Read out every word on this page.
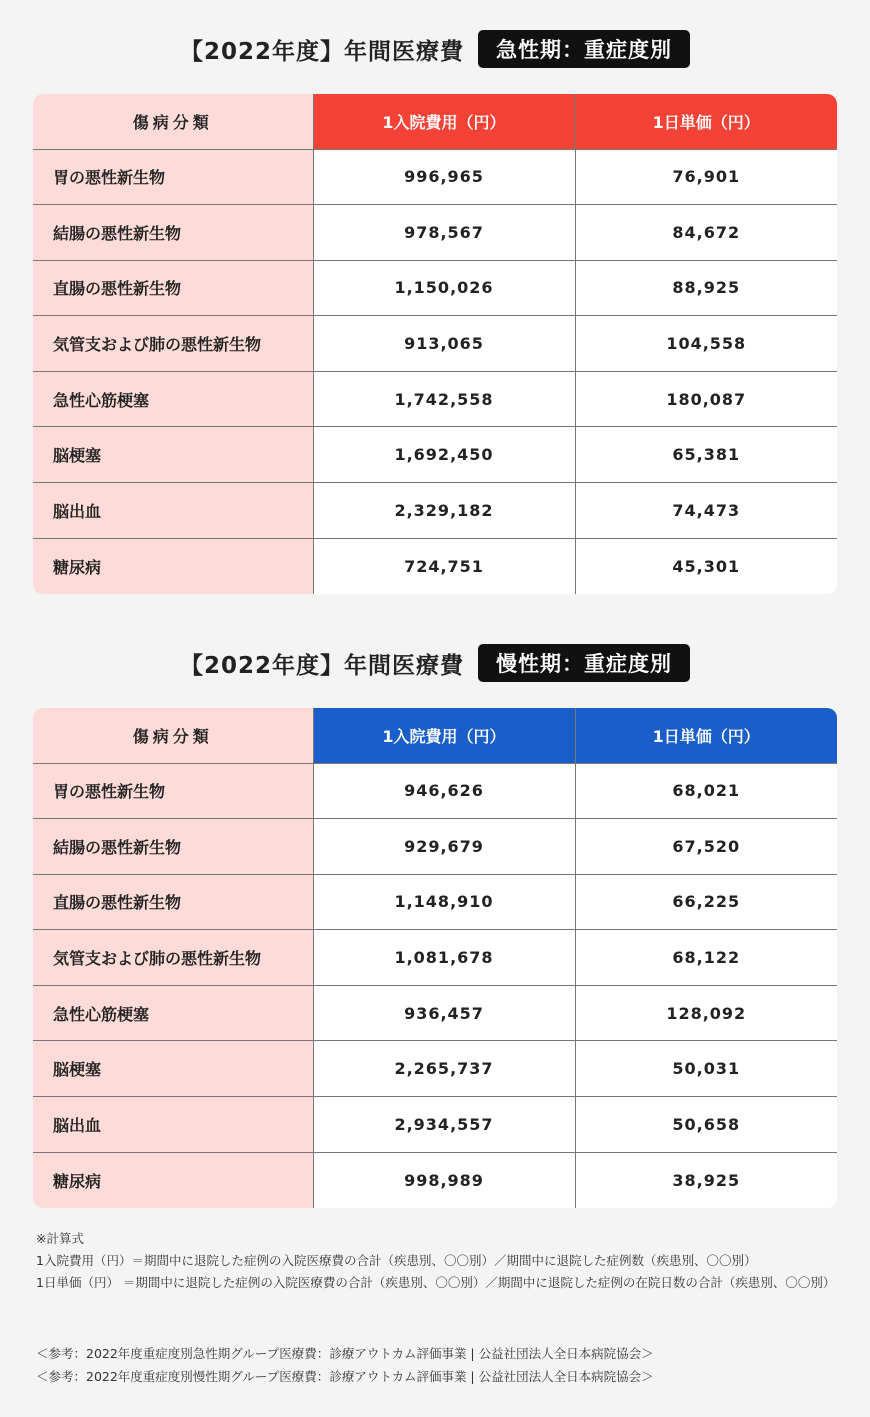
【2022年度】年間医療費	急性期：重症度別
傷病分類	1入院費用（円）	1日単価（円）
胃の悪性新生物	996,965	76,901
結腸の悪性新生物	978,567	84,672
直腸の悪性新生物	1,150,026	88,925
気管支および肺の悪性新生物	913,065	104,558
急性心筋梗塞	1,742,558	180,087
脳梗塞	1,692,450	65,381
脳出血	2,329,182	74,473
糖尿病	724,751	45,301
【2022年度】年間医療費	慢性期：重症度別
傷病分類	1入院費用（円）	1日単価（円）
胃の悪性新生物	946,626	68,021
結腸の悪性新生物	929,679	67,520
直腸の悪性新生物	1,148,910	66,225
気管支および肺の悪性新生物	1,081,678	68,122
急性心筋梗塞	936,457	128,092
脳梗塞	2,265,737	50,031
脳出血	2,934,557	50,658
糖尿病	998,989	38,925
※計算式
1入院費用（円）＝期間中に退院した症例の入院医療費の合計（疾患別、〇〇別）／期間中に退院した症例数（疾患別、〇〇別）
1日単価（円） ＝期間中に退院した症例の入院医療費の合計（疾患別、〇〇別）／期間中に退院した症例の在院日数の合計（疾患別、〇〇別）
＜参考：2022年度重症度別急性期グループ医療費：診療アウトカム評価事業 | 公益社団法人全日本病院協会＞
＜参考：2022年度重症度別慢性期グループ医療費：診療アウトカム評価事業 | 公益社団法人全日本病院協会＞
